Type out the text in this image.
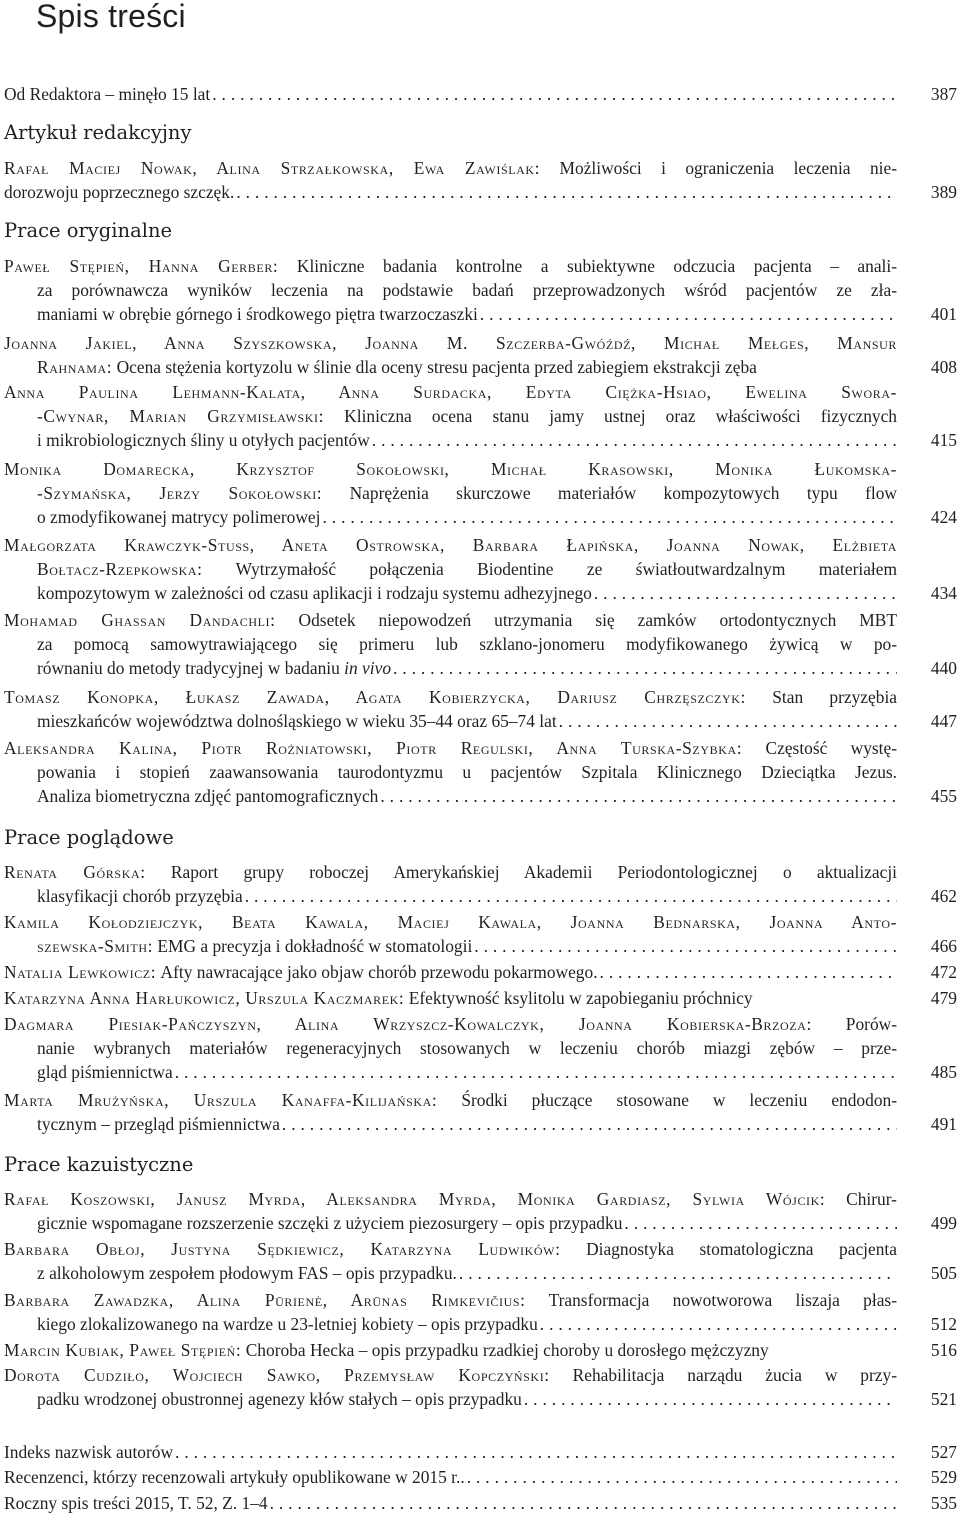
Spis treści
Od Redaktora – minęło 15 lat . . .	387
Artykuł redakcyjny
Rafał Maciej Nowak, Alina Strzałkowska, Ewa Zawiślak: Możliwości i ograniczenia leczenia nie-
dorozwoju poprzecznego szczęk. . . .	389
Prace oryginalne
Paweł Stępień, Hanna Gerber: Kliniczne badania kontrolne a subiektywne odczucia pacjenta – anali-
za porównawcza wyników leczenia na podstawie badań przeprowadzonych wśród pacjentów ze zła-
maniami w obrębie górnego i środkowego piętra twarzoczaszki . . .	401
Joanna Jakiel, Anna Szyszkowska, Joanna M. Szczerba-Gwóźdź, Michał Mełges, Mansur
Rahnama:
Ocena stężenia kortyzolu w ślinie dla oceny stresu pacjenta przed zabiegiem ekstrakcji zęba	408
Anna Paulina Lehmann-Kalata, Anna Surdacka, Edyta Ciężka-Hsiao, Ewelina Swora-
-Cwynar, Marian Grzymisławski: Kliniczna ocena stanu jamy ustnej oraz właściwości fizycznych
i mikrobiologicznych śliny u otyłych pacjentów . . .	415
Monika Domarecka, Krzysztof Sokołowski, Michał Krasowski, Monika Łukomska-
-Szymańska, Jerzy Sokołowski: Naprężenia skurczowe materiałów kompozytowych typu flow
o zmodyfikowanej matrycy polimerowej . . .	424
Małgorzata Krawczyk-Stuss, Aneta Ostrowska, Barbara Łapińska, Joanna Nowak, Elżbieta
Bołtacz-Rzepkowska: Wytrzymałość połączenia Biodentine ze światłoutwardzalnym materiałem
kompozytowym w zależności od czasu aplikacji i rodzaju systemu adhezyjnego . . .	434
Mohamad Ghassan Dandachli: Odsetek niepowodzeń utrzymania się zamków ortodontycznych MBT
za pomocą samowytrawiającego się primeru lub szklano-jonomeru modyfikowanego żywicą w po-
równaniu do metody tradycyjnej w badaniu
in vivo . . .	440
Tomasz Konopka, Łukasz Zawada, Agata Kobierzycka, Dariusz Chrzęszczyk: Stan przyzębia
mieszkańców województwa dolnośląskiego w wieku 35–44 oraz 65–74 lat . . .	447
Aleksandra Kalina, Piotr Rożniatowski, Piotr Regulski, Anna Turska-Szybka: Częstość wystę-
powania i stopień zaawansowania taurodontyzmu u pacjentów Szpitala Klinicznego Dzieciątka Jezus.
Analiza biometryczna zdjęć pantomograficznych . . .	455
Prace poglądowe
Renata Górska: Raport grupy roboczej Amerykańskiej Akademii Periodontologicznej o aktualizacji
klasyfikacji chorób przyzębia . . .	462
Kamila Kołodziejczyk, Beata Kawala, Maciej Kawala, Joanna Bednarska, Joanna Anto-
szewska-Smith:
EMG a precyzja i dokładność w stomatologii . . .	466
Natalia Lewkowicz:
Afty nawracające jako objaw chorób przewodu pokarmowego. . . .	472
Katarzyna Anna Harłukowicz, Urszula Kaczmarek:
Efektywność ksylitolu w zapobieganiu próchnicy	479
Dagmara Piesiak-Pańczyszyn, Alina Wrzyszcz-Kowalczyk, Joanna Kobierska-Brzoza: Porów-
nanie wybranych materiałów regeneracyjnych stosowanych w leczeniu chorób miazgi zębów – prze-
gląd piśmiennictwa . . .	485
Marta Mrużyńska, Urszula Kanaffa-Kilijańska: Środki płuczące stosowane w leczeniu endodon-
tycznym – przegląd piśmiennictwa . . .	491
Prace kazuistyczne
Rafał Koszowski, Janusz Myrda, Aleksandra Myrda, Monika Gardiasz, Sylwia Wójcik: Chirur-
gicznie wspomagane rozszerzenie szczęki z użyciem piezosurgery – opis przypadku . . .	499
Barbara Obłoj, Justyna Sędkiewicz, Katarzyna Ludwików: Diagnostyka stomatologiczna pacjenta
z alkoholowym zespołem płodowym FAS – opis przypadku. . . .	505
Barbara Zawadzka, Alina Pūrienė, Arūnas Rimkevičius: Transformacja nowotworowa liszaja płas-
kiego zlokalizowanego na wardze u 23-letniej kobiety – opis przypadku . . .	512
Marcin Kubiak, Paweł Stępień:
Choroba Hecka – opis przypadku rzadkiej choroby u dorosłego mężczyzny	516
Dorota Cudziło, Wojciech Sawko, Przemysław Kopczyński: Rehabilitacja narządu żucia w przy-
padku wrodzonej obustronnej agenezy kłów stałych – opis przypadku . . .	521
Indeks nazwisk autorów . . .	527
Recenzenci, którzy recenzowali artykuły opublikowane w 2015 r.. . . .	529
Roczny spis treści 2015, T. 52, Z. 1–4 . . .	535
